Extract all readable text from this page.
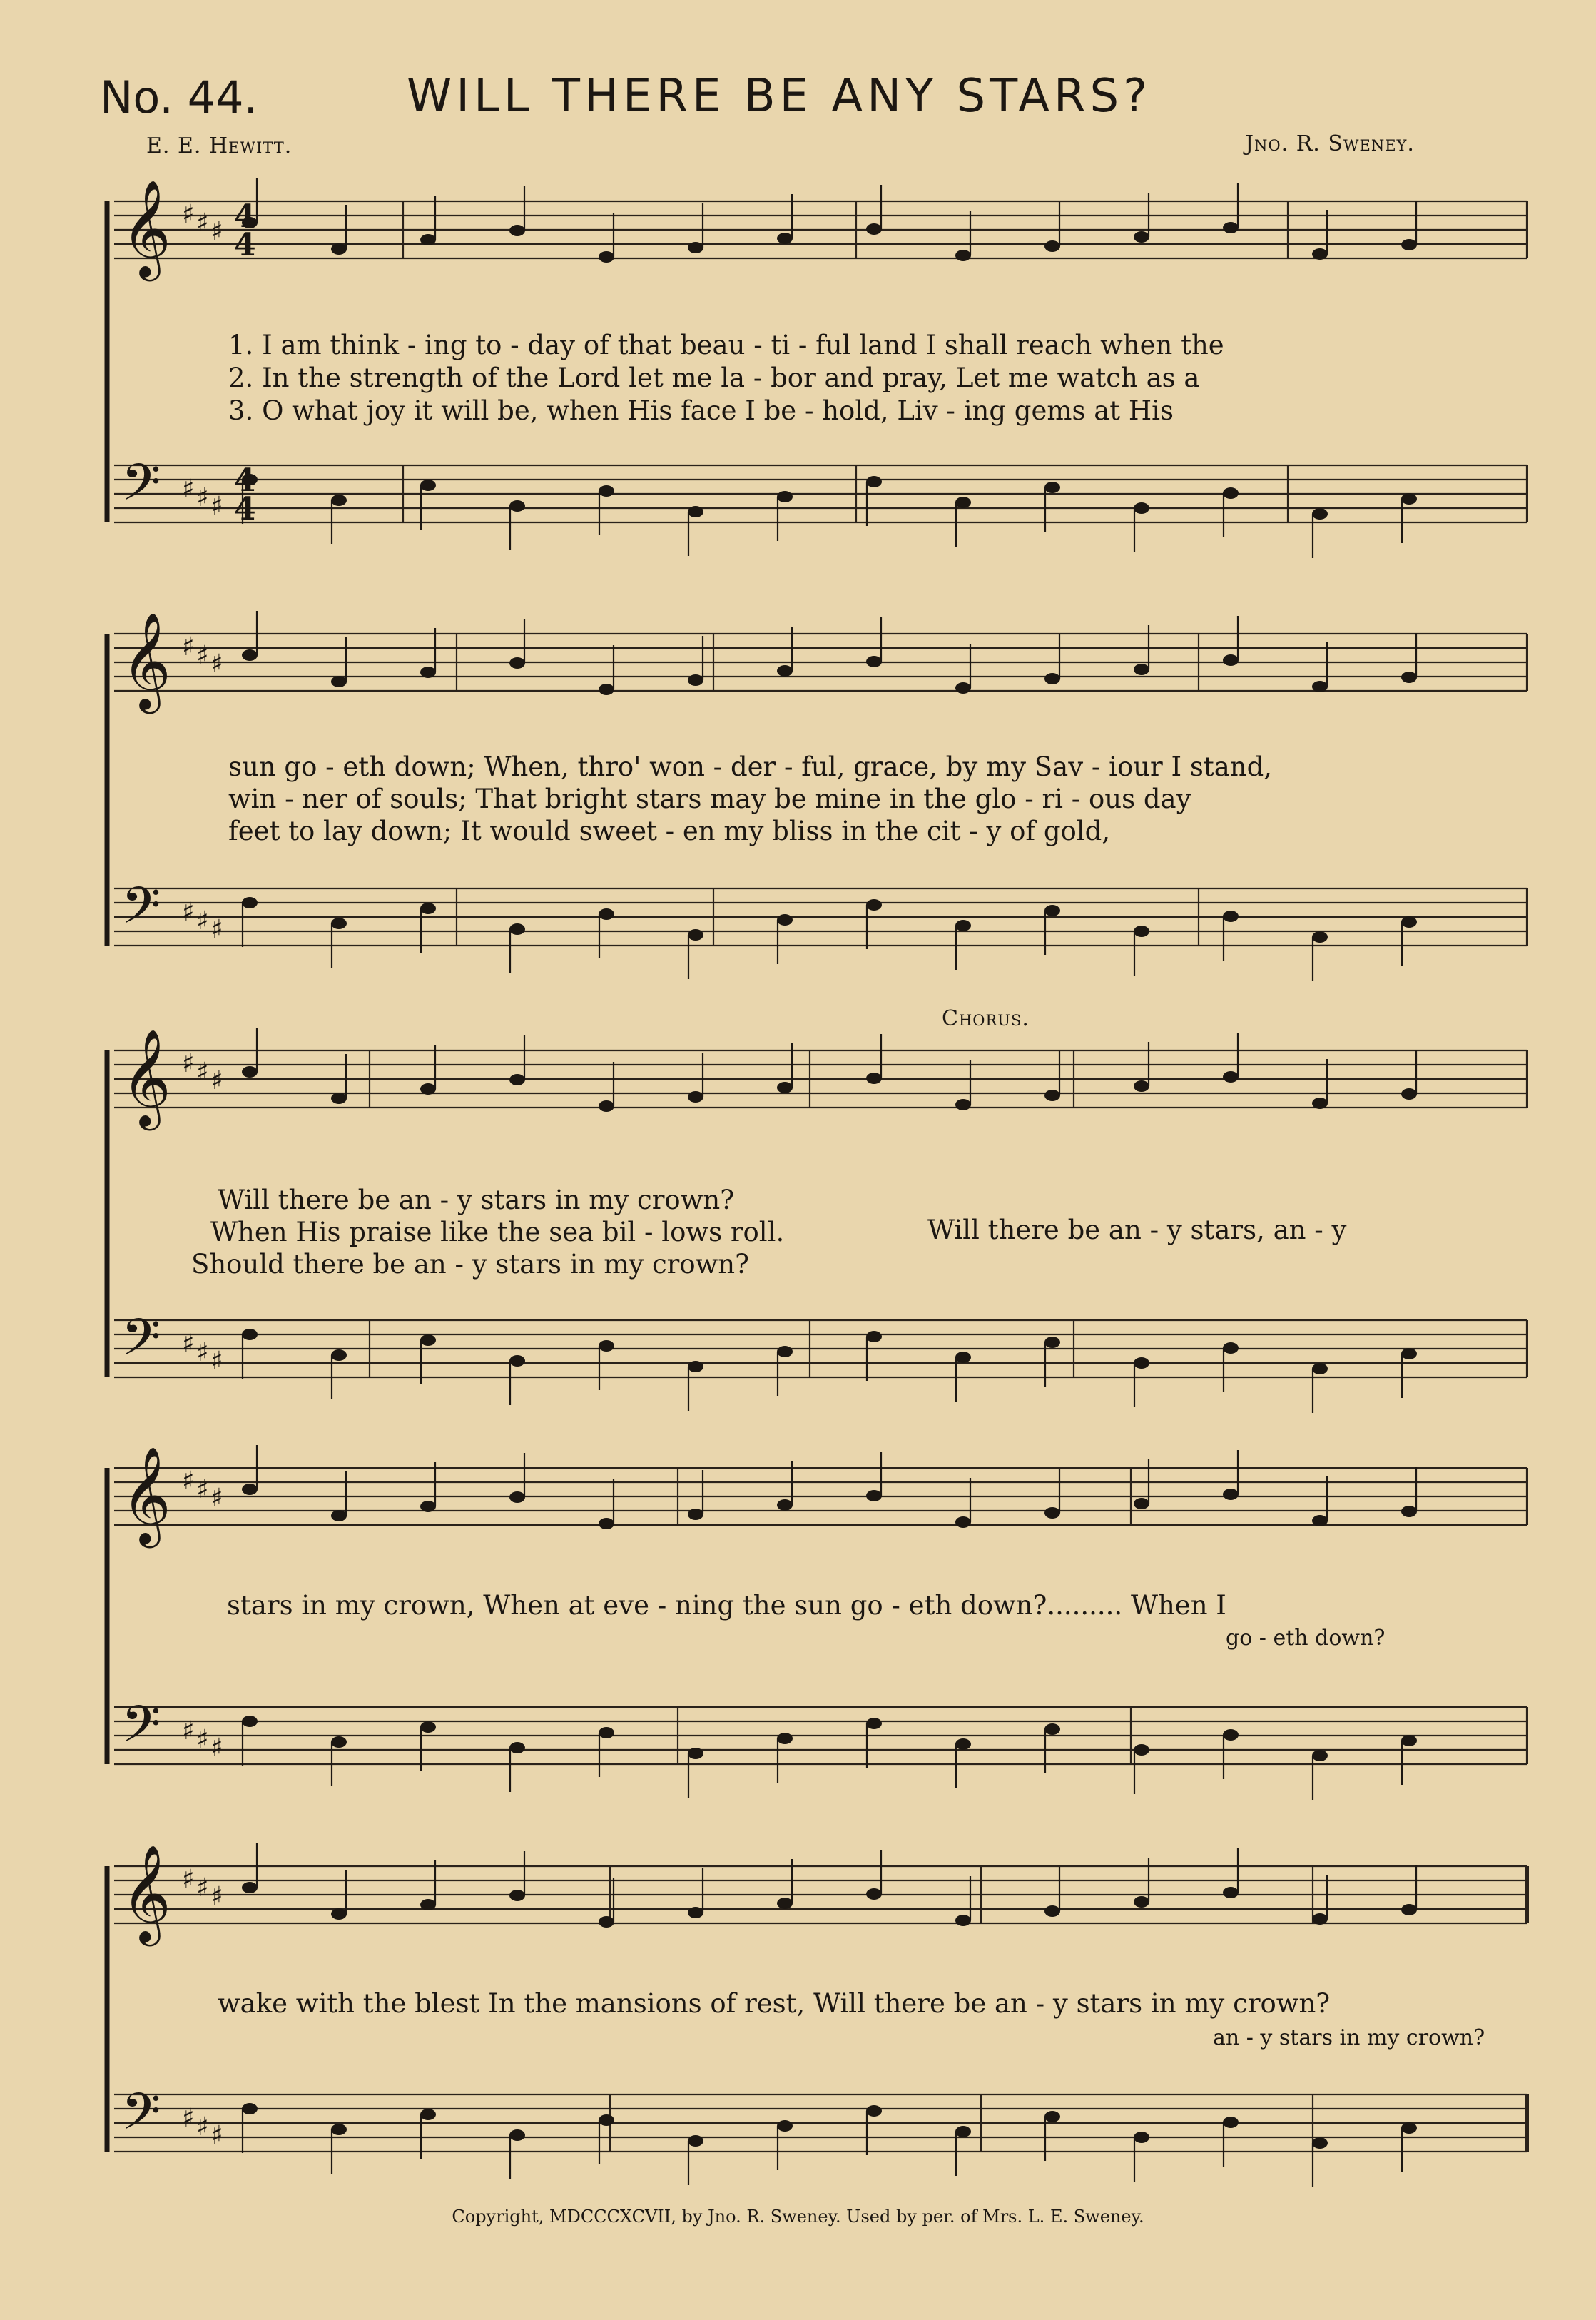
No. 44.	WILL THERE BE ANY STARS?
E. E. Hewitt.	Jno. R. Sweney.
𝄞 ♯ ♯ ♯
𝄢 ♯ ♯ ♯
𝄞 ♯ ♯ ♯
𝄢 ♯ ♯ ♯
𝄞 ♯ ♯ ♯
𝄢 ♯ ♯ ♯
𝄞 ♯ ♯ ♯
𝄢 ♯ ♯ ♯
𝄞 ♯ ♯ ♯
𝄢 ♯ ♯ ♯
4
4
4
4
1. I am think - ing to - day of that beau - ti - ful land I shall reach when the
2. In the strength of the Lord let me la - bor and pray, Let me watch as a
3. O what joy it will be, when His face I be - hold, Liv - ing gems at His
sun go - eth down; When, thro' won - der - ful, grace, by my Sav - iour I stand,
win - ner of souls; That bright stars may be mine in the glo - ri - ous day
feet to lay down; It would sweet - en my bliss in the cit - y of gold,
Chorus.
Will there be an - y stars in my crown?
When His praise like the sea bil - lows roll.
Should there be an - y stars in my crown?
Will there be an - y stars, an - y
stars in my crown, When at eve - ning the sun go - eth down?......... When I
go - eth down?
wake with the blest In the mansions of rest, Will there be an - y stars in my crown?
an - y stars in my crown?
Copyright, MDCCCXCVII, by Jno. R. Sweney. Used by per. of Mrs. L. E. Sweney.
